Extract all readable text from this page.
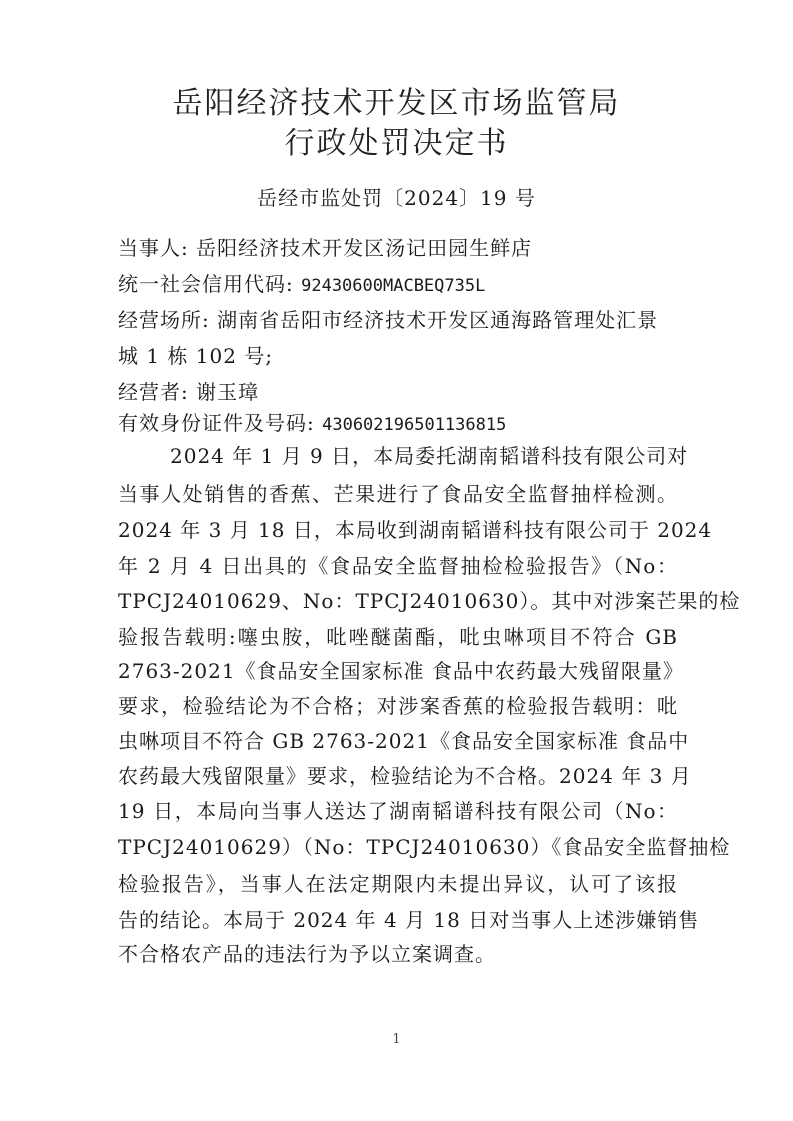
岳阳经济技术开发区市场监管局
行政处罚决定书
岳经市监处罚〔2024〕19 号
当事人: 岳阳经济技术开发区汤记田园生鲜店
统一社会信用代码: 92430600MACBEQ735L
经营场所: 湖南省岳阳市经济技术开发区通海路管理处汇景
城 1 栋 102 号;
经营者: 谢玉璋
有效身份证件及号码: 430602196501136815
2024 年 1 月 9 日，本局委托湖南韬谱科技有限公司对
当事人处销售的香蕉、芒果进行了食品安全监督抽样检测。
2024 年 3 月 18 日，本局收到湖南韬谱科技有限公司于 2024
年 2 月 4 日出具的《食品安全监督抽检检验报告》（No：
TPCJ24010629、No：TPCJ24010630）。其中对涉案芒果的检
验报告载明:噻虫胺，吡唑醚菌酯，吡虫啉项目不符合 GB
2763-2021《食品安全国家标准 食品中农药最大残留限量》
要求，检验结论为不合格；对涉案香蕉的检验报告载明：吡
虫啉项目不符合 GB 2763-2021《食品安全国家标准 食品中
农药最大残留限量》要求，检验结论为不合格。2024 年 3 月
19 日，本局向当事人送达了湖南韬谱科技有限公司（No：
TPCJ24010629）（No：TPCJ24010630）《食品安全监督抽检
检验报告》，当事人在法定期限内未提出异议，认可了该报
告的结论。本局于 2024 年 4 月 18 日对当事人上述涉嫌销售
不合格农产品的违法行为予以立案调查。
1
